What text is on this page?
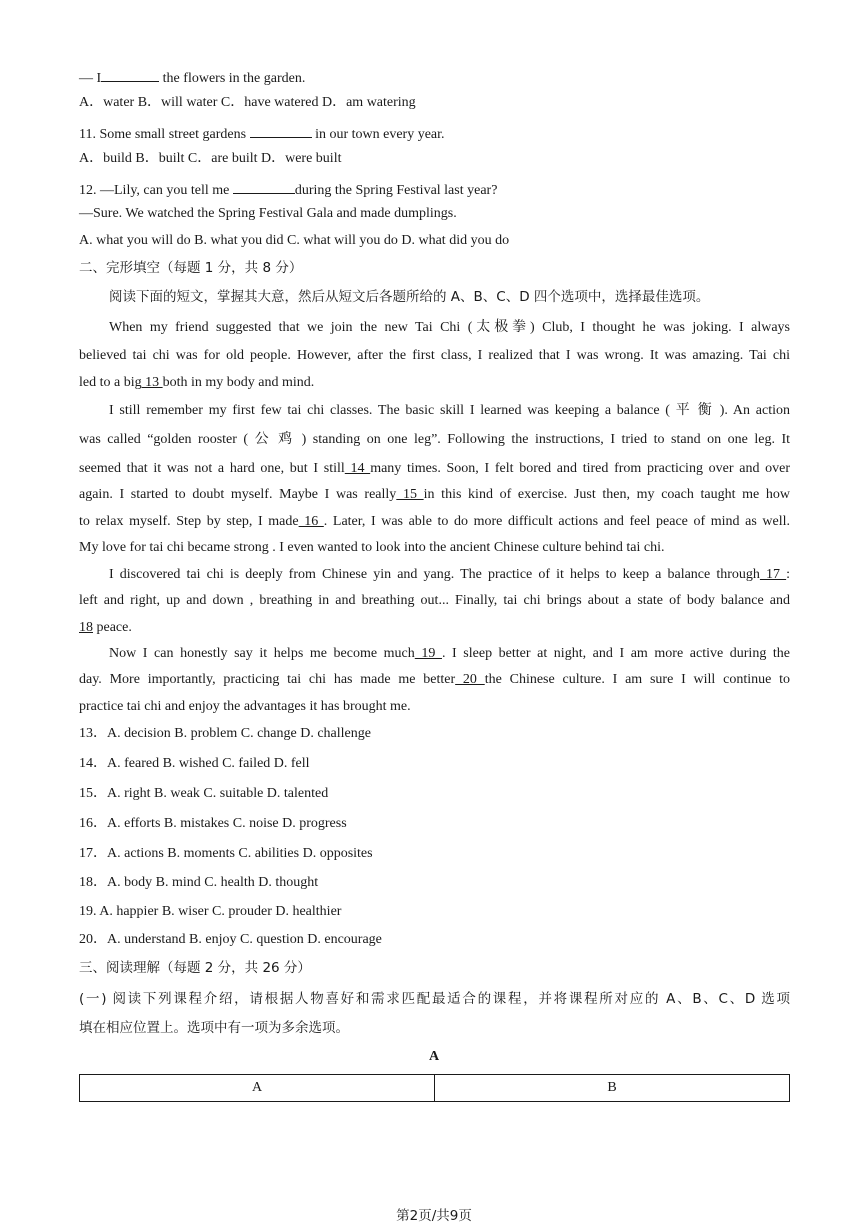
— I	the flowers in the garden.
A．water B．will water C．have watered D．am watering
11. Some small street gardens	in our town every year.
A．build B．built C．are built D．were built
12. —Lily, can you tell me	during the Spring Festival last year?
—Sure. We watched the Spring Festival Gala and made dumplings.
A. what you will do B. what you did C. what will you do D. what did you do
二、完形填空（每题 1 分，共 8 分）
阅读下面的短文，掌握其大意，然后从短文后各题所给的 A、B、C、D 四个选项中，选择最佳选项。
When my friend suggested that we join the new Tai Chi (太极拳) Club, I thought he was joking. I always
believed tai chi was for old people. However, after the first class, I realized that I was wrong. It was amazing. Tai chi
led to a big 13 both in my body and mind.
I still remember my first few tai chi classes. The basic skill I learned was keeping a balance ( 平 衡 ). An action
was called “golden rooster ( 公 鸡 ) standing on one leg”. Following the instructions, I tried to stand on one leg. It
seemed that it was not a hard one, but I still 14 many times. Soon, I felt bored and tired from practicing over and over
again. I started to doubt myself. Maybe I was really 15 in this kind of exercise. Just then, my coach taught me how
to relax myself. Step by step, I made 16 . Later, I was able to do more difficult actions and feel peace of mind as well.
My love for tai chi became strong . I even wanted to look into the ancient Chinese culture behind tai chi.
I discovered tai chi is deeply from Chinese yin and yang. The practice of it helps to keep a balance through 17 :
left and right, up and down , breathing in and breathing out... Finally, tai chi brings about a state of body balance and
18 peace.
Now I can honestly say it helps me become much 19 . I sleep better at night, and I am more active during the
day. More importantly, practicing tai chi has made me better 20 the Chinese culture. I am sure I will continue to
practice tai chi and enjoy the advantages it has brought me.
13．A. decision B. problem C. change D. challenge
14．A. feared B. wished C. failed D. fell
15．A. right B. weak C. suitable D. talented
16．A. efforts B. mistakes C. noise D. progress
17．A. actions B. moments C. abilities D. opposites
18．A. body B. mind C. health D. thought
19. A. happier B. wiser C. prouder D. healthier
20．A. understand B. enjoy C. question D. encourage
三、阅读理解（每题 2 分，共 26 分）
(一) 阅读下列课程介绍，请根据人物喜好和需求匹配最适合的课程，并将课程所对应的 A、B、C、D 选项
填在相应位置上。选项中有一项为多余选项。
A
A	B
第2页/共9页
